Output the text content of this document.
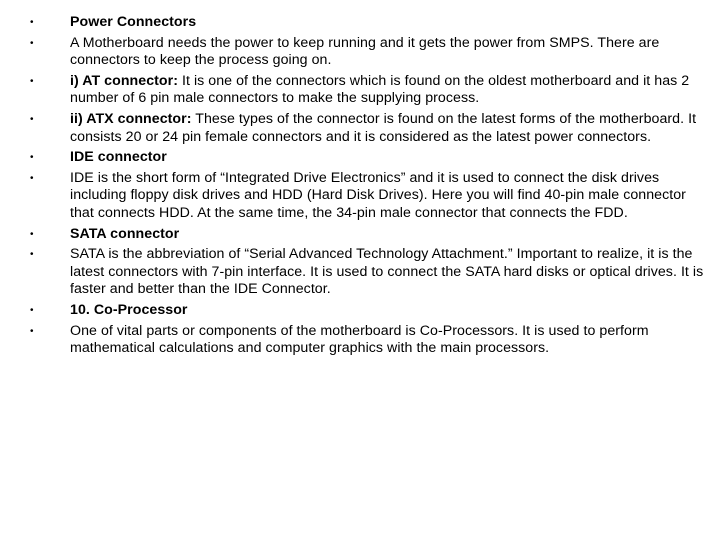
•	Power Connectors
•	A Motherboard needs the power to keep running and it gets the power from SMPS. There are connectors to keep the process going on.
•	i) AT connector: It is one of the connectors which is found on the oldest motherboard and it has 2 number of 6 pin male connectors to make the supplying process.
•	ii) ATX connector: These types of the connector is found on the latest forms of the motherboard. It consists 20 or 24 pin female connectors and it is considered as the latest power connectors.
•	IDE connector
•	IDE is the short form of “Integrated Drive Electronics” and it is used to connect the disk drives including floppy disk drives and HDD (Hard Disk Drives). Here you will find 40-pin male connector that connects HDD. At the same time, the 34-pin male connector that connects the FDD.
•	SATA connector
•	SATA is the abbreviation of “Serial Advanced Technology Attachment.” Important to realize, it is the latest connectors with 7-pin interface. It is used to connect the SATA hard disks or optical drives. It is faster and better than the IDE Connector.
•	10. Co-Processor
•	One of vital parts or components of the motherboard is Co-Processors. It is used to perform mathematical calculations and computer graphics with the main processors.
